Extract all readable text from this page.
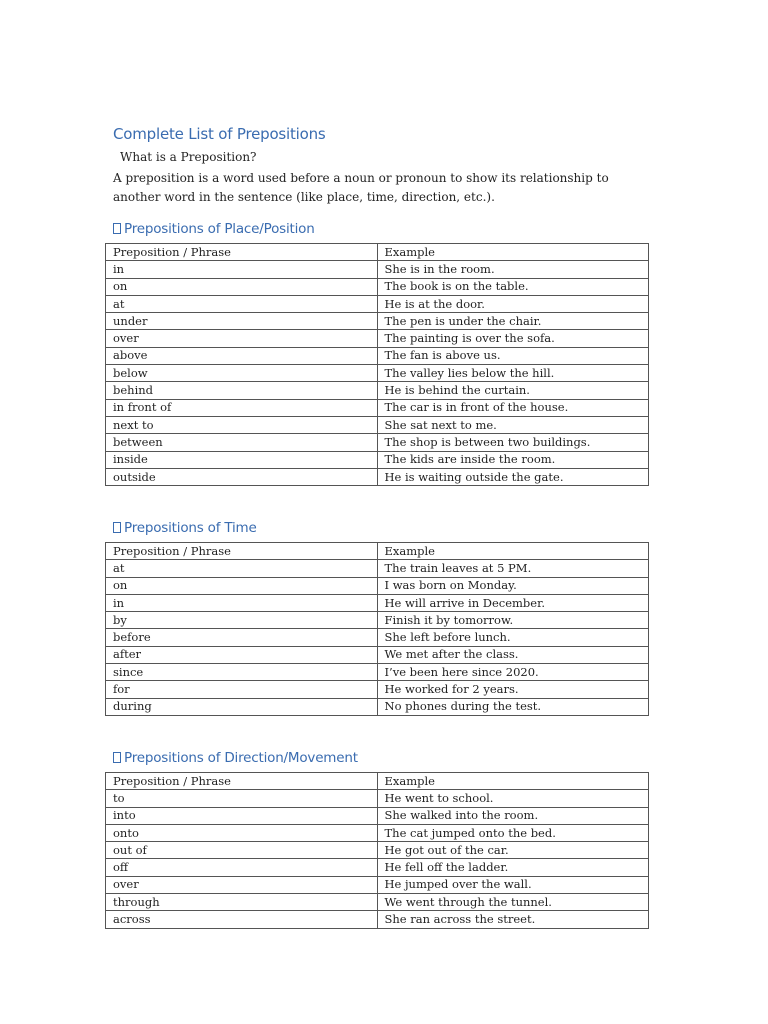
Complete List of Prepositions
What is a Preposition?
A preposition is a word used before a noun or pronoun to show its relationship to another word in the sentence (like place, time, direction, etc.).
Prepositions of Place/Position
Preposition / Phrase	Example
in	She is in the room.
on	The book is on the table.
at	He is at the door.
under	The pen is under the chair.
over	The painting is over the sofa.
above	The fan is above us.
below	The valley lies below the hill.
behind	He is behind the curtain.
in front of	The car is in front of the house.
next to	She sat next to me.
between	The shop is between two buildings.
inside	The kids are inside the room.
outside	He is waiting outside the gate.
Prepositions of Time
Preposition / Phrase	Example
at	The train leaves at 5 PM.
on	I was born on Monday.
in	He will arrive in December.
by	Finish it by tomorrow.
before	She left before lunch.
after	We met after the class.
since	I’ve been here since 2020.
for	He worked for 2 years.
during	No phones during the test.
Prepositions of Direction/Movement
Preposition / Phrase	Example
to	He went to school.
into	She walked into the room.
onto	The cat jumped onto the bed.
out of	He got out of the car.
off	He fell off the ladder.
over	He jumped over the wall.
through	We went through the tunnel.
across	She ran across the street.
